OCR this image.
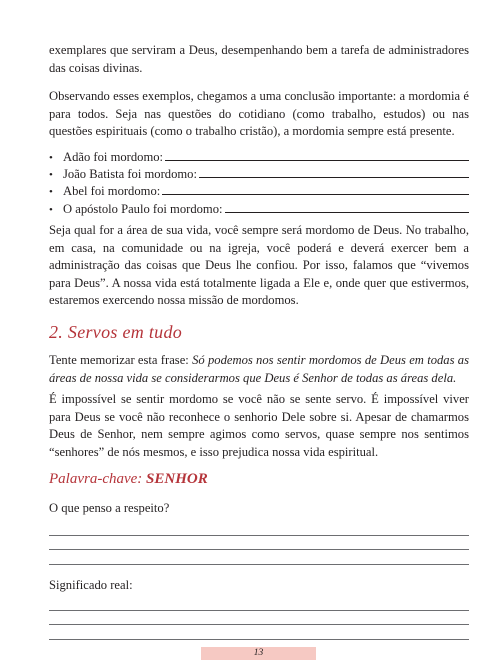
exemplares que serviram a Deus, desempenhando bem a tarefa de administradores das coisas divinas.

Observando esses exemplos, chegamos a uma conclusão importante: a mordomia é para todos. Seja nas questões do cotidiano (como trabalho, estudos) ou nas questões espirituais (como o trabalho cristão), a mordomia sempre está presente.

• Adão foi mordomo:
• João Batista foi mordomo:
• Abel foi mordomo:
• O apóstolo Paulo foi mordomo:

Seja qual for a área de sua vida, você sempre será mordomo de Deus. No trabalho, em casa, na comunidade ou na igreja, você poderá e deverá exercer bem a administração das coisas que Deus lhe confiou. Por isso, falamos que “vivemos para Deus”. A nossa vida está totalmente ligada a Ele e, onde quer que estivermos, estaremos exercendo nossa missão de mordomos.

2. Servos em tudo

Tente memorizar esta frase: Só podemos nos sentir mordomos de Deus em todas as áreas de nossa vida se considerarmos que Deus é Senhor de todas as áreas dela.

É impossível se sentir mordomo se você não se sente servo. É impossível viver para Deus se você não reconhece o senhorio Dele sobre si. Apesar de chamarmos Deus de Senhor, nem sempre agimos como servos, quase sempre nos sentimos “senhores” de nós mesmos, e isso prejudica nossa vida espiritual.

Palavra-chave: SENHOR
O que penso a respeito?
Significado real:
13
